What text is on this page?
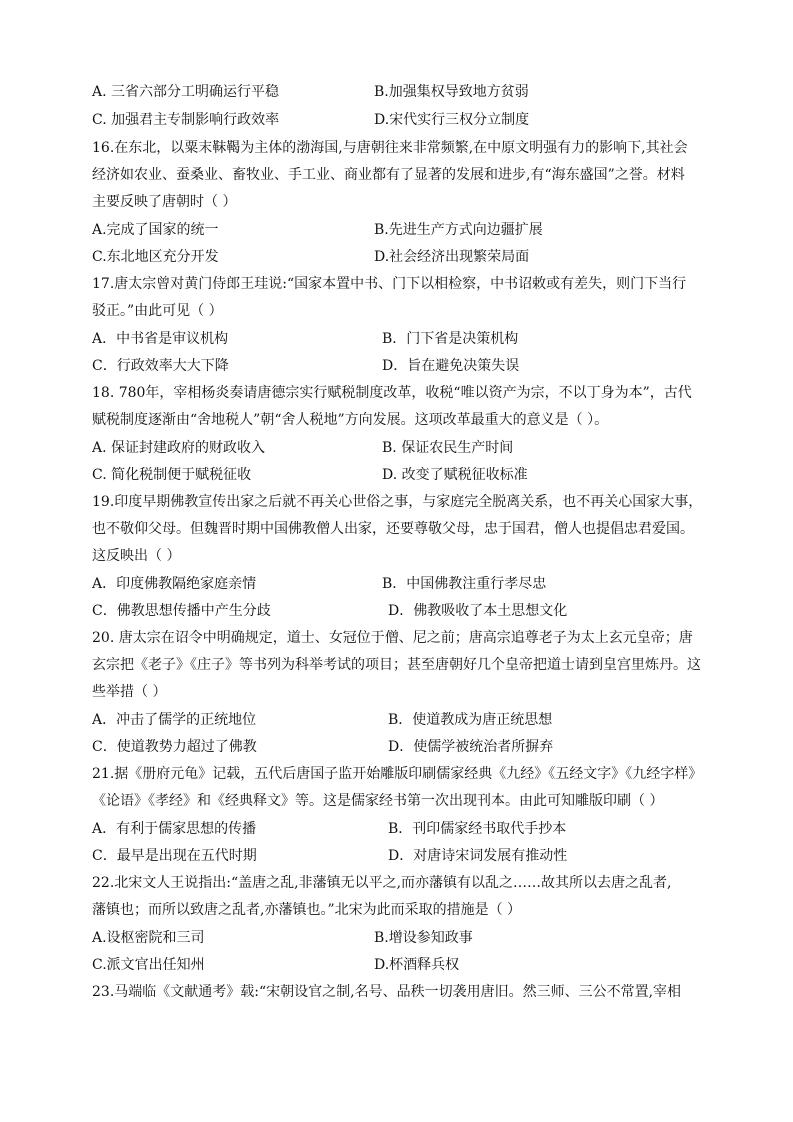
A. 三省六部分工明确运行平稳	B.加强集权导致地方贫弱
C. 加强君主专制影响行政效率	D.宋代实行三权分立制度
16.在东北，以粟末靺鞨为主体的渤海国,与唐朝往来非常频繁,在中原文明强有力的影响下,其社会
经济如农业、蚕桑业、畜牧业、手工业、商业都有了显著的发展和进步,有“海东盛国”之誉。材料
主要反映了唐朝时（ ）
A.完成了国家的统一	B.先进生产方式向边疆扩展
C.东北地区充分开发	D.社会经济出现繁荣局面
17.唐太宗曾对黄门侍郎王珪说:“国家本置中书、门下以相检察，中书诏敕或有差失，则门下当行
驳正。”由此可见（ ）
A．中书省是审议机构	B．门下省是决策机构
C．行政效率大大下降	D．旨在避免决策失误
18. 780年，宰相杨炎奏请唐德宗实行赋税制度改革，收税“唯以资产为宗，不以丁身为本”，古代
赋税制度逐渐由“舍地税人”朝“舍人税地”方向发展。这项改革最重大的意义是（ ）。
A. 保证封建政府的财政收入	B. 保证农民生产时间
C. 简化税制便于赋税征收	D. 改变了赋税征收标准
19.印度早期佛教宣传出家之后就不再关心世俗之事，与家庭完全脱离关系，也不再关心国家大事，
也不敬仰父母。但魏晋时期中国佛教僧人出家，还要尊敬父母，忠于国君，僧人也提倡忠君爱国。
这反映出（ ）
A．印度佛教隔绝家庭亲情	B．中国佛教注重行孝尽忠
C．佛教思想传播中产生分歧	D．佛教吸收了本土思想文化
20. 唐太宗在诏令中明确规定，道士、女冠位于僧、尼之前；唐高宗追尊老子为太上玄元皇帝；唐
玄宗把《老子》《庄子》等书列为科举考试的项目；甚至唐朝好几个皇帝把道士请到皇宫里炼丹。这
些举措（ ）
A．冲击了儒学的正统地位	B．使道教成为唐正统思想
C．使道教势力超过了佛教	D．使儒学被统治者所摒弃
21.据《册府元龟》记载，五代后唐国子监开始雕版印刷儒家经典《九经》《五经文字》《九经字样》
《论语》《孝经》和《经典释文》等。这是儒家经书第一次出现刊本。由此可知雕版印刷（ ）
A．有利于儒家思想的传播	B．刊印儒家经书取代手抄本
C．最早是出现在五代时期	D．对唐诗宋词发展有推动性
22.北宋文人王说指出:“盖唐之乱,非藩镇无以平之,而亦藩镇有以乱之……故其所以去唐之乱者,
藩镇也；而所以致唐之乱者,亦藩镇也。”北宋为此而采取的措施是（ ）
A.设枢密院和三司	B.增设参知政事
C.派文官出任知州	D.杯酒释兵权
23.马端临《文献通考》载:“宋朝设官之制,名号、品秩一切袭用唐旧。然三师、三公不常置,宰相
